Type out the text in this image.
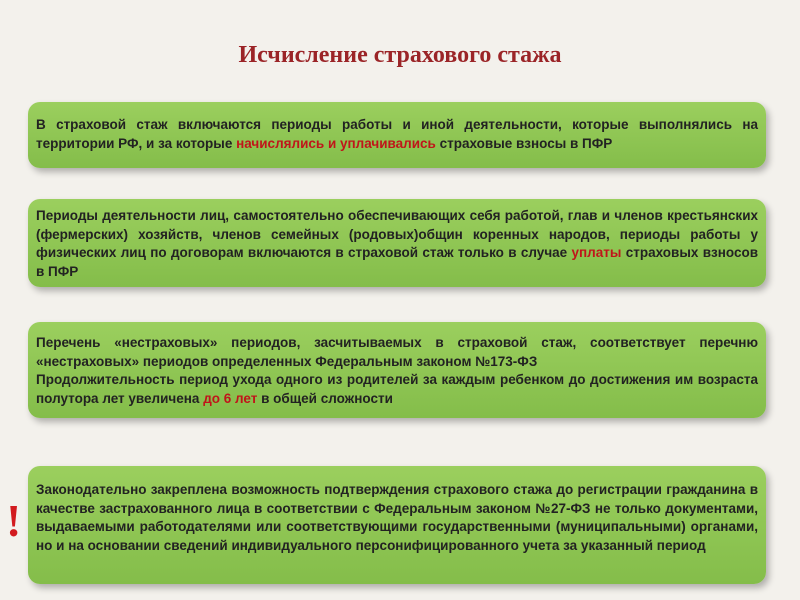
Исчисление страхового стажа

В страховой стаж включаются периоды работы и иной деятельности, которые выполнялись на территории РФ, и за которые начислялись и уплачивались страховые взносы в ПФР

Периоды деятельности лиц, самостоятельно обеспечивающих себя работой, глав и членов крестьянских (фермерских) хозяйств, членов семейных (родовых)общин коренных народов, периоды работы у физических лиц по договорам включаются в страховой стаж только в случае уплаты страховых взносов в ПФР

Перечень «нестраховых» периодов, засчитываемых в страховой стаж, соответствует перечню «нестраховых» периодов определенных Федеральным законом №173-ФЗ

Продолжительность период ухода одного из родителей за каждым ребенком до достижения им возраста полутора лет увеличена до 6 лет в общей сложности

!

Законодательно закреплена возможность подтверждения страхового стажа до регистрации гражданина в качестве застрахованного лица в соответствии с Федеральным законом №27-ФЗ не только документами, выдаваемыми работодателями или соответствующими государственными (муниципальными) органами, но и на основании сведений индивидуального персонифицированного учета за указанный период
